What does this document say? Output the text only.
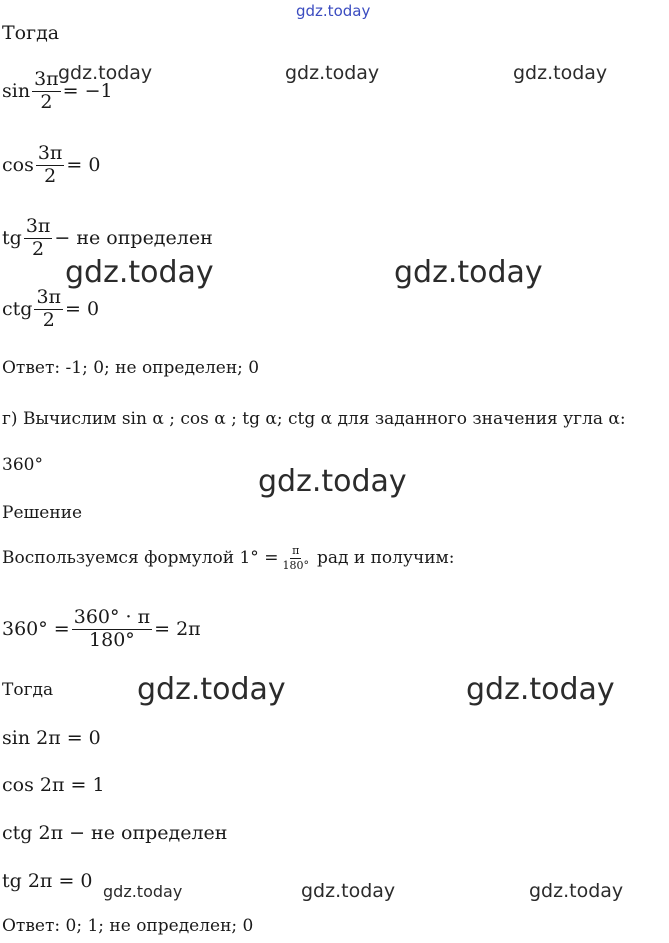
gdz.today
gdz.today	gdz.today	gdz.today
gdz.today	gdz.today
gdz.today
gdz.today	gdz.today
gdz.today	gdz.today	gdz.today
Тогда
$\sin \frac{3\pi}{2} = -1$
$\cos \frac{3\pi}{2} = 0$
tg $\frac{3\pi}{2}$ − не определен
ctg $\frac{3\pi}{2} = 0$
Ответ: -1; 0; не определен; 0
г) Вычислим sin α ; cos α ; tg α; ctg α для заданного значения угла α:
360°
Решение
Воспользуемся формулой $1^\circ = \frac{\pi}{180^\circ}$ рад и получим:
$360^\circ = \frac{360^\circ \cdot \pi}{180^\circ} = 2\pi$
Тогда
sin 2π = 0
cos 2π = 1
ctg 2π − не определен
tg 2π = 0
Ответ: 0; 1; не определен; 0
